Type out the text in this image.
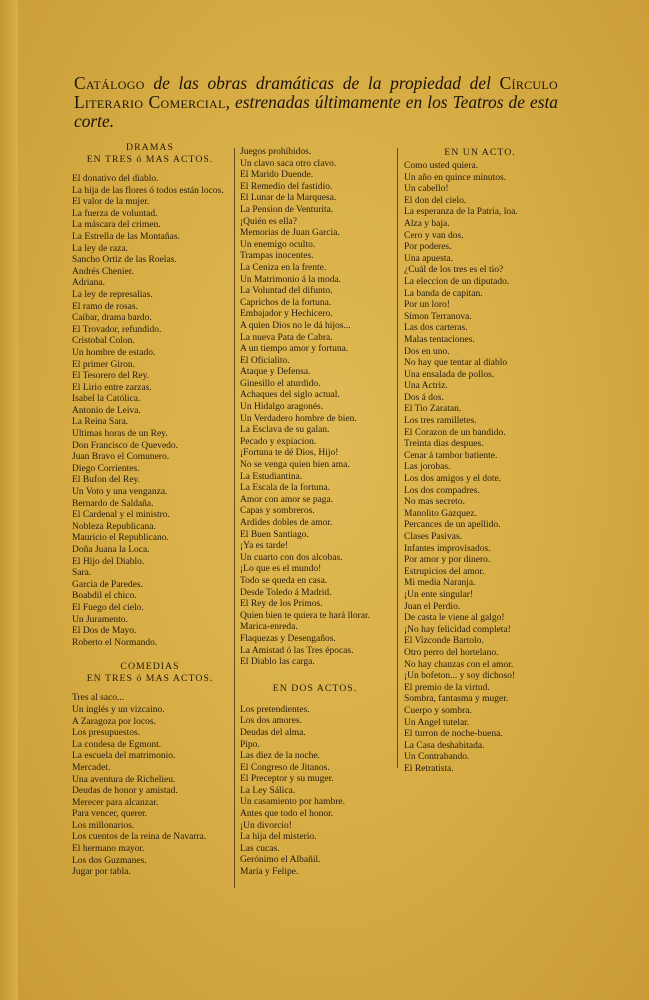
Catálogo de las obras dramáticas de la propiedad del Círculo Literario Comercial, estrenadas últimamente en los Teatros de esta corte.
DRAMAS
EN TRES ó MAS ACTOS.
El donativo del diablo.
La hija de las flores ó todos están locos.
El valor de la mujer.
La fuerza de voluntad.
La máscara del crimen.
La Estrella de las Montañas.
La ley de raza.
Sancho Ortiz de las Roelas.
Andrés Chenier.
Adriana.
La ley de represalias.
El ramo de rosas.
Caibar, drama bardo.
El Trovador, refundido.
Cristobal Colon.
Un hombre de estado.
El primer Giron.
El Tesorero del Rey.
El Lirio entre zarzas.
Isabel la Católica.
Antonio de Leiva.
La Reina Sara.
Ultimas horas de un Rey.
Don Francisco de Quevedo.
Juan Bravo el Comunero.
Diego Corrientes.
El Bufon del Rey.
Un Voto y una venganza.
Bernardo de Saldaña.
El Cardenal y el ministro.
Nobleza Republicana.
Mauricio el Republicano.
Doña Juana la Loca.
El Hijo del Diablo.
Sara.
Garcia de Paredes.
Boabdil el chico.
El Fuego del cielo.
Un Juramento.
El Dos de Mayo.
Roberto el Normando.
COMEDIAS
EN TRES ó MAS ACTOS.
Tres al saco...
Un inglés y un vizcaino.
A Zaragoza por locos.
Los presupuestos.
La condesa de Egmont.
La escuela del matrimonio.
Mercadet.
Una aventura de Richelieu.
Deudas de honor y amistad.
Merecer para alcanzar.
Para vencer, querer.
Los millonarios.
Los cuentos de la reina de Navarra.
El hermano mayor.
Los dos Guzmanes.
Jugar por tabla.
Juegos prohibidos.
Un clavo saca otro clavo.
El Marido Duende.
El Remedio del fastidio.
El Lunar de la Marquesa.
La Pension de Venturita.
¡Quién es ella?
Memorias de Juan Garcia.
Un enemigo oculto.
Trampas inocentes.
La Ceniza en la frente.
Un Matrimonio á la moda.
La Voluntad del difunto.
Caprichos de la fortuna.
Embajador y Hechicero.
A quien Dios no le dá hijos...
La nueva Pata de Cabra.
A un tiempo amor y fortuna.
El Oficialito.
Ataque y Defensa.
Ginesillo el aturdido.
Achaques del siglo actual.
Un Hidalgo aragonés.
Un Verdadero hombre de bien.
La Esclava de su galan.
Pecado y expiacion.
¡Fortuna te dé Dios, Hijo!
No se venga quien bien ama.
La Estudiantina.
La Escala de la fortuna.
Amor con amor se paga.
Capas y sombreros.
Ardides dobles de amor.
El Buen Santiago.
¡Ya es tarde!
Un cuarto con dos alcobas.
¡Lo que es el mundo!
Todo se queda en casa.
Desde Toledo á Madrid.
El Rey de los Primos.
Quien bien te quiera te hará llorar.
Marica-enreda.
Flaquezas y Desengaños.
La Amistad ó las Tres épocas.
El Diablo las carga.
EN DOS ACTOS.
Los pretendientes.
Los dos amores.
Deudas del alma.
Pipo.
Las diez de la noche.
El Congreso de Jitanos.
El Preceptor y su muger.
La Ley Sálica.
Un casamiento por hambre.
Antes que todo el honor.
¡Un divorcio!
La hija del misterio.
Las cucas.
Gerónimo el Albañil.
María y Felipe.
EN UN ACTO.
Como usted quiera.
Un año en quince minutos.
Un cabello!
El don del cielo.
La esperanza de la Patria, loa.
Alza y baja.
Cero y van dos.
Por poderes.
Una apuesta.
¿Cuál de los tres es el tio?
La eleccion de un diputado.
La banda de capitan.
Por un loro!
Simon Terranova.
Las dos carteras.
Malas tentaciones.
Dos en uno.
No hay que tentar al diablo
Una ensalada de pollos.
Una Actriz.
Dos á dos.
El Tio Zaratan.
Los tres ramilletes.
El Corazon de un bandido.
Treinta dias despues.
Cenar á tambor batiente.
Las jorobas.
Los dos amigos y el dote.
Los dos compadres.
No mas secreto.
Manolito Gazquez.
Percances de un apellido.
Clases Pasivas.
Infantes improvisados.
Por amor y por dinero.
Estrupicios del amor.
Mi media Naranja.
¡Un ente singular!
Juan el Perdio.
De casta le viene al galgo!
¡No hay felicidad completa!
El Vizconde Bartolo.
Otro perro del hortelano.
No hay chanzas con el amor.
¡Un bofeton... y soy dichoso!
El premio de la virtud.
Sombra, fantasma y muger.
Cuerpo y sombra.
Un Angel tutelar.
El turron de noche-buena.
La Casa deshabitada.
Un Contrabando.
El Retratista.
